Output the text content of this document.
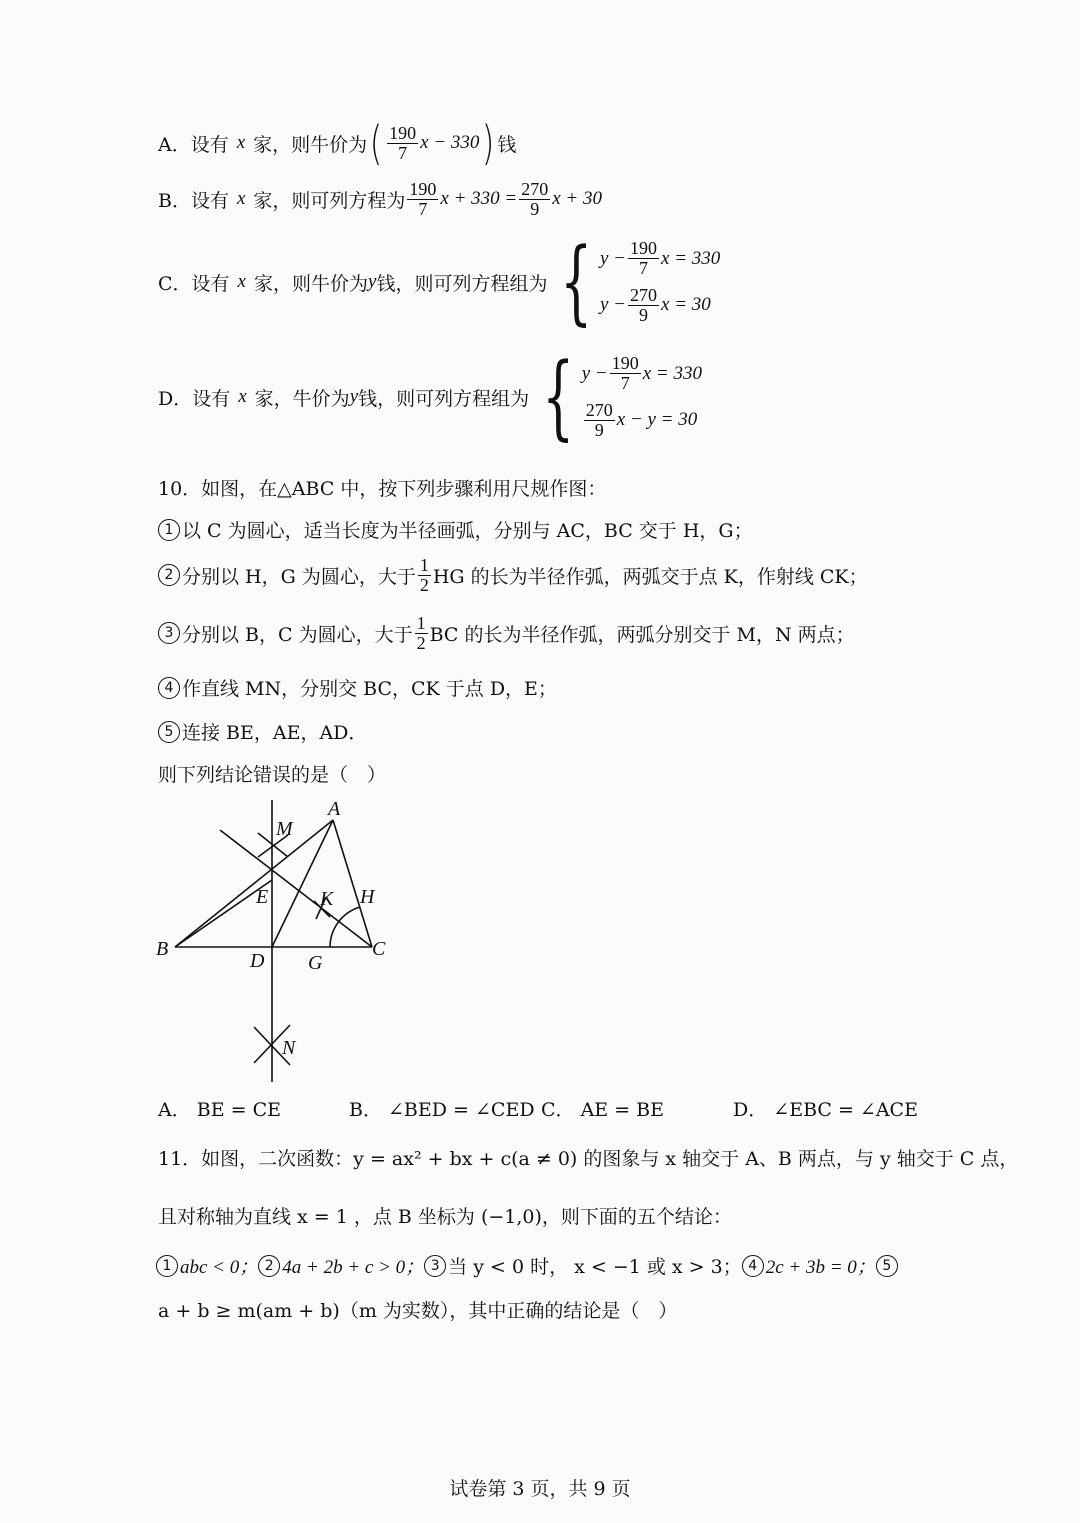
A．设有 x 家，则牛价为 ( $\frac{190}{7}$ x − 330 ) 钱
B．设有 x 家，则可列方程为 $\frac{190}{7}$ $x + 330 = \frac{270}{9}$ x + 30
C．设有 x 家，则牛价为 y 钱，则可列方程组为 { $y - \frac{190}{7}$ x = 330
$y - \frac{270}{9}$ x = 30
D．设有 x 家，牛价为 y 钱，则可列方程组为 { $y - \frac{190}{7}$ x = 330
$\frac{270}{9}$ x − y = 30
10．如图，在△ABC 中，按下列步骤利用尺规作图：
1 以 C 为圆心，适当长度为半径画弧，分别与 AC，BC 交于 H，G；
2 分别以 H，G 为圆心，大于 $\frac{1}{2}$ HG 的长为半径作弧，两弧交于点 K，作射线 CK；
3 分别以 B，C 为圆心，大于 $\frac{1}{2}$ BC 的长为半径作弧，两弧分别交于 M，N 两点；
4 作直线 MN，分别交 BC，CK 于点 D，E；
5 连接 BE，AE，AD．
则下列结论错误的是（　）
A
M
E	K H
B
D G
C
N
A． BE = CE	B． ∠BED = ∠CED C． AE = BE	D． ∠EBC = ∠ACE
11．如图，二次函数：y = ax² + bx + c(a ≠ 0) 的图象与 x 轴交于 A、B 两点，与 y 轴交于 C 点，
且对称轴为直线 x = 1 ，点 B 坐标为 (−1,0)，则下面的五个结论：
1 abc < 0； 2 4a + 2b + c > 0； 3 当 y < 0 时， x < −1 或 x > 3； 4 2c + 3b = 0； 5
a + b ≥ m(am + b)（m 为实数），其中正确的结论是（　）
试卷第 3 页，共 9 页
